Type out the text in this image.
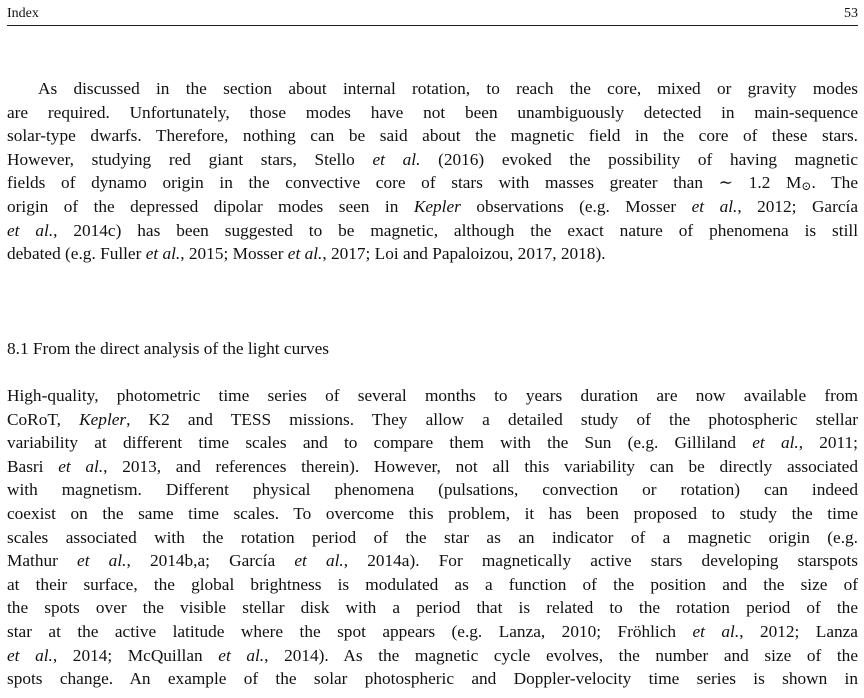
Index	53
As discussed in the section about internal rotation, to reach the core, mixed or gravity modes
are required. Unfortunately, those modes have not been unambiguously detected in main-sequence
solar-type dwarfs. Therefore, nothing can be said about the magnetic field in the core of these stars.
However, studying red giant stars, Stello et al. (2016) evoked the possibility of having magnetic
fields of dynamo origin in the convective core of stars with masses greater than ∼ 1.2 $M_⊙$. The
origin of the depressed dipolar modes seen in Kepler observations (e.g. Mosser et al., 2012; García
et al., 2014c) has been suggested to be magnetic, although the exact nature of phenomena is still
debated (e.g. Fuller et al., 2015; Mosser et al., 2017; Loi and Papaloizou, 2017, 2018).
8.1 From the direct analysis of the light curves
High-quality, photometric time series of several months to years duration are now available from
CoRoT, Kepler, K2 and TESS missions. They allow a detailed study of the photospheric stellar
variability at different time scales and to compare them with the Sun (e.g. Gilliland et al., 2011;
Basri et al., 2013, and references therein). However, not all this variability can be directly associated
with magnetism. Different physical phenomena (pulsations, convection or rotation) can indeed
coexist on the same time scales. To overcome this problem, it has been proposed to study the time
scales associated with the rotation period of the star as an indicator of a magnetic origin (e.g.
Mathur et al., 2014b,a; García et al., 2014a). For magnetically active stars developing starspots
at their surface, the global brightness is modulated as a function of the position and the size of
the spots over the visible stellar disk with a period that is related to the rotation period of the
star at the active latitude where the spot appears (e.g. Lanza, 2010; Fröhlich et al., 2012; Lanza
et al., 2014; McQuillan et al., 2014). As the magnetic cycle evolves, the number and size of the
spots change. An example of the solar photospheric and Doppler-velocity time series is shown in
